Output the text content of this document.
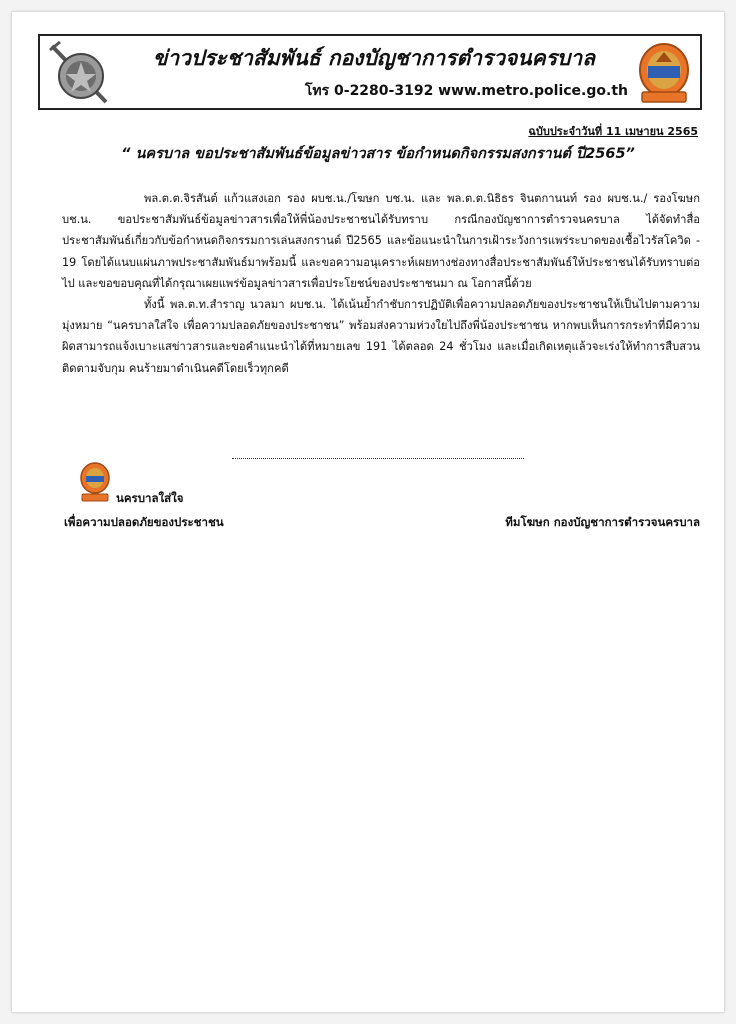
ข่าวประชาสัมพันธ์ กองบัญชาการตำรวจนครบาล
โทร 0-2280-3192 www.metro.police.go.th
ฉบับประจำวันที่ 11 เมษายน 2565
“ นครบาล ขอประชาสัมพันธ์ข้อมูลข่าวสาร ข้อกำหนดกิจกรรมสงกรานต์ ปี2565”

พล.ต.ต.จิรสันต์ แก้วแสงเอก รอง ผบช.น./โฆษก บช.น. และ พล.ต.ต.นิธิธร จินตกานนท์ รอง ผบช.น./ รองโฆษก บช.น. ขอประชาสัมพันธ์ข้อมูลข่าวสารเพื่อให้พี่น้องประชาชนได้รับทราบ กรณีกองบัญชาการตำรวจนครบาล ได้จัดทำสื่อประชาสัมพันธ์เกี่ยวกับข้อกำหนดกิจกรรมการเล่นสงกรานต์ ปี2565 และข้อแนะนำในการเฝ้าระวังการแพร่ระบาดของเชื้อไวรัสโควิด - 19 โดยได้แนบแผ่นภาพประชาสัมพันธ์มาพร้อมนี้ และขอความอนุเคราะห์เผยทางช่องทางสื่อประชาสัมพันธ์ให้ประชาชนได้รับทราบต่อไป และขอขอบคุณที่ได้กรุณาเผยแพร่ข้อมูลข่าวสารเพื่อประโยชน์ของประชาชนมา ณ โอกาสนี้ด้วย

ทั้งนี้ พล.ต.ท.สำราญ นวลมา ผบช.น. ได้เน้นย้ำกำชับการปฏิบัติเพื่อความปลอดภัยของประชาชนให้เป็นไปตามความมุ่งหมาย “นครบาลใส่ใจ เพื่อความปลอดภัยของประชาชน” พร้อมส่งความห่วงใยไปถึงพี่น้องประชาชน หากพบเห็นการกระทำที่มีความผิดสามารถแจ้งเบาะแสข่าวสารและขอคำแนะนำได้ที่หมายเลข 191 ได้ตลอด 24 ชั่วโมง และเมื่อเกิดเหตุแล้วจะเร่งให้ทำการสืบสวน ติดตามจับกุม คนร้ายมาดำเนินคดีโดยเร็วทุกคดี

นครบาลใส่ใจ
เพื่อความปลอดภัยของประชาชน	ทีมโฆษก กองบัญชาการตำรวจนครบาล
